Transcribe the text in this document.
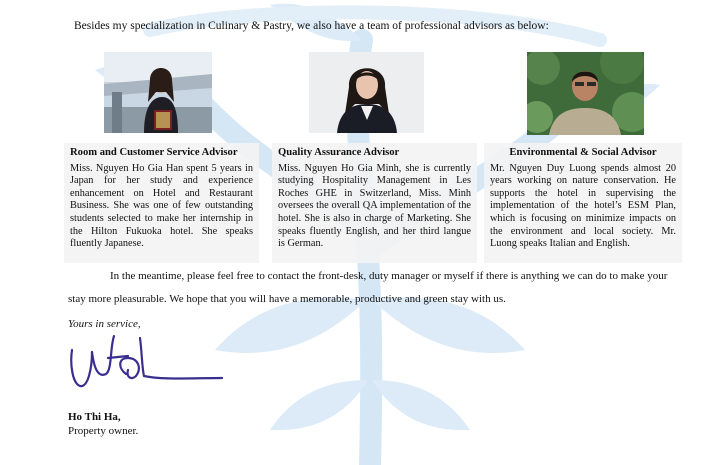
Besides my specialization in Culinary & Pastry, we also have a team of professional advisors as below:
Room and Customer Service Advisor
Miss. Nguyen Ho Gia Han spent 5 years in Japan for her study and experience enhancement on Hotel and Restaurant Business. She was one of few outstanding students selected to make her internship in the Hilton Fukuoka hotel. She speaks fluently Japanese.
Quality Assurance Advisor
Miss. Nguyen Ho Gia Minh, she is currently studying Hospitality Management in Les Roches GHE in Switzerland, Miss. Minh oversees the overall QA implementation of the hotel. She is also in charge of Marketing. She speaks fluently English, and her third langue is German.
Environmental & Social Advisor
Mr. Nguyen Duy Luong spends almost 20 years working on nature conservation. He supports the hotel in supervising the implementation of the hotel’s ESM Plan, which is focusing on minimize impacts on the environment and local society. Mr. Luong speaks Italian and English.
In the meantime, please feel free to contact the front-desk, duty manager or myself if there is anything we can do to make your stay more pleasurable. We hope that you will have a memorable, productive and green stay with us.
Yours in service,
Ho Thi Ha,
Property owner.
